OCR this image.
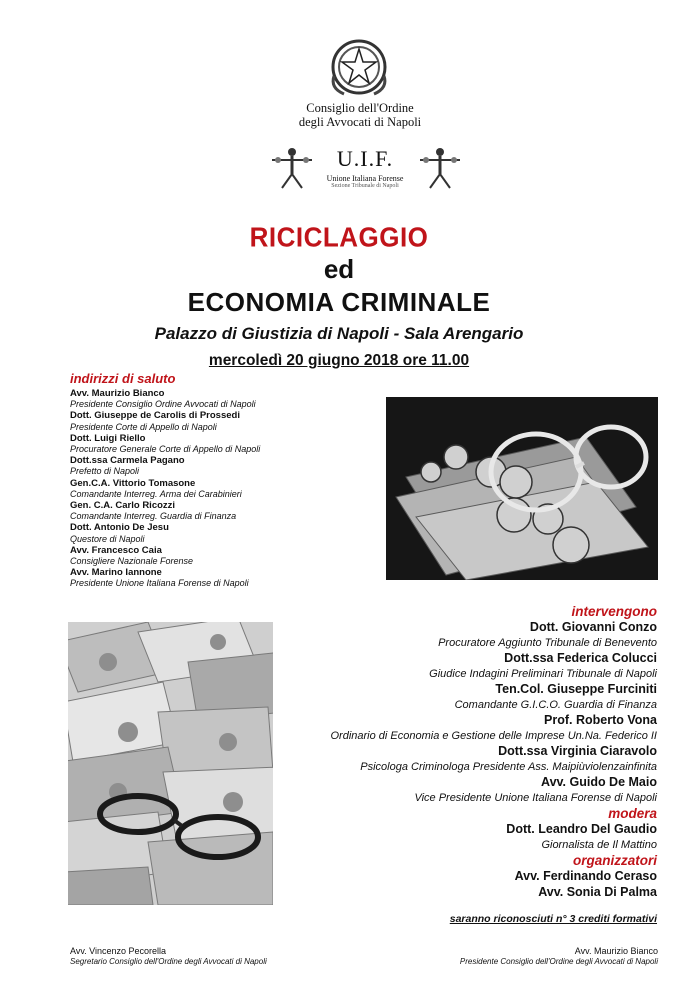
Consiglio dell'Ordine
degli Avvocati di Napoli
U.I.F.
Unione Italiana Forense
Sezione Tribunale di Napoli
RICICLAGGIO
ed
ECONOMIA CRIMINALE
Palazzo di Giustizia di Napoli - Sala Arengario
mercoledì 20 giugno 2018 ore 11.00
indirizzi di saluto
Avv. Maurizio Bianco
Presidente Consiglio Ordine Avvocati di Napoli
Dott. Giuseppe de Carolis di Prossedi
Presidente Corte di Appello di Napoli
Dott. Luigi Riello
Procuratore Generale Corte di Appello di Napoli
Dott.ssa Carmela Pagano
Prefetto di Napoli
Gen.C.A. Vittorio Tomasone
Comandante Interreg. Arma dei Carabinieri
Gen. C.A. Carlo Ricozzi
Comandante Interreg. Guardia di Finanza
Dott. Antonio De Jesu
Questore di Napoli
Avv. Francesco Caia
Consigliere Nazionale Forense
Avv. Marino Iannone
Presidente Unione Italiana Forense di Napoli
intervengono
Dott. Giovanni Conzo
Procuratore Aggiunto Tribunale di Benevento
Dott.ssa Federica Colucci
Giudice Indagini Preliminari Tribunale di Napoli
Ten.Col. Giuseppe Furciniti
Comandante G.I.C.O. Guardia di Finanza
Prof. Roberto Vona
Ordinario di Economia e Gestione delle Imprese Un.Na. Federico II
Dott.ssa Virginia Ciaravolo
Psicologa Criminologa Presidente Ass. Maipiùviolenzainfinita
Avv. Guido De Maio
Vice Presidente Unione Italiana Forense di Napoli
modera
Dott. Leandro Del Gaudio
Giornalista de Il Mattino
organizzatori
Avv. Ferdinando Ceraso
Avv. Sonia Di Palma
saranno riconosciuti n° 3 crediti formativi
Avv. Vincenzo Pecorella
Segretario Consiglio dell'Ordine degli Avvocati di Napoli
Avv. Maurizio Bianco
Presidente Consiglio dell'Ordine degli Avvocati di Napoli
